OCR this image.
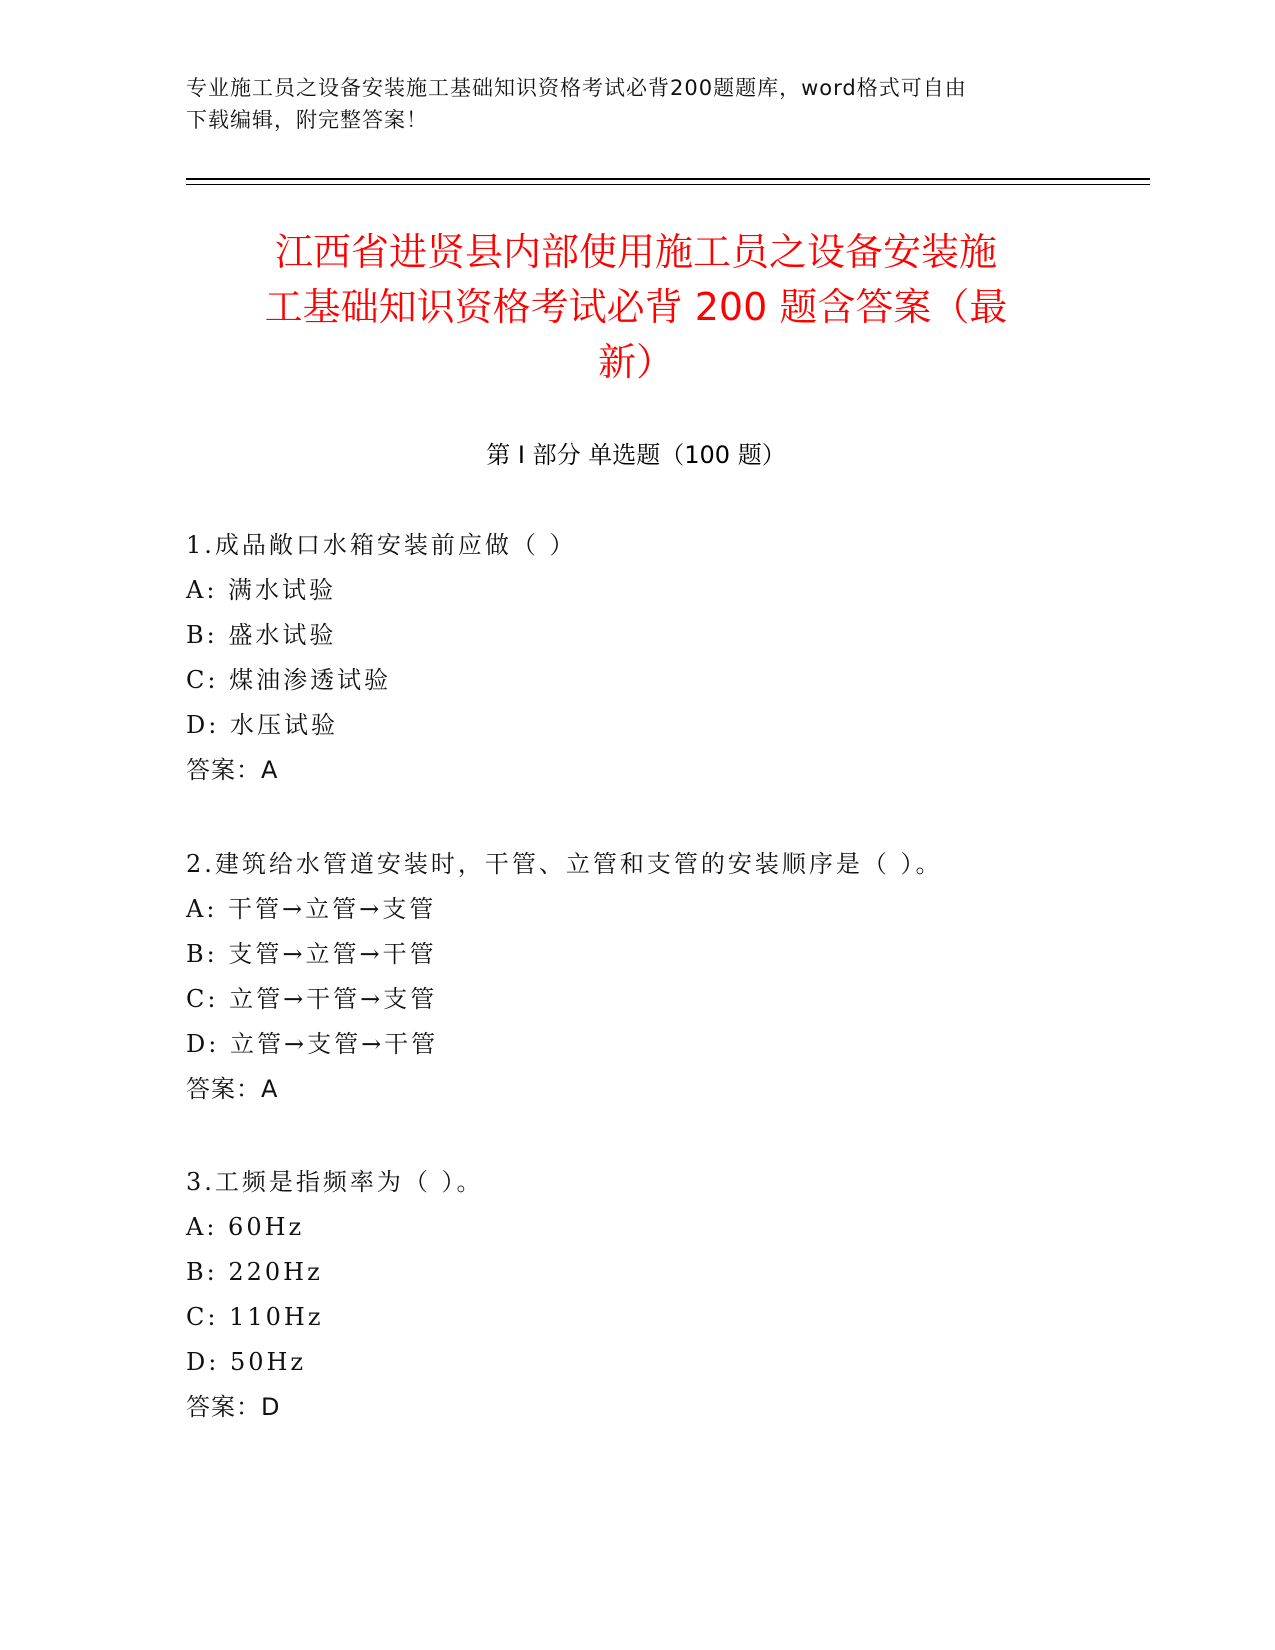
专业施工员之设备安装施工基础知识资格考试必背200题题库，word格式可自由
下载编辑，附完整答案！
江西省进贤县内部使用施工员之设备安装施
工基础知识资格考试必背 200 题含答案（最
新）
第 I 部分 单选题（100 题）
1.成品敞口水箱安装前应做（ ）
A: 满水试验
B: 盛水试验
C: 煤油渗透试验
D: 水压试验
答案：A
2.建筑给水管道安装时，干管、立管和支管的安装顺序是（ ）。
A: 干管→立管→支管
B: 支管→立管→干管
C: 立管→干管→支管
D: 立管→支管→干管
答案：A
3.工频是指频率为（ ）。
A: 60Hz
B: 220Hz
C: 110Hz
D: 50Hz
答案：D
